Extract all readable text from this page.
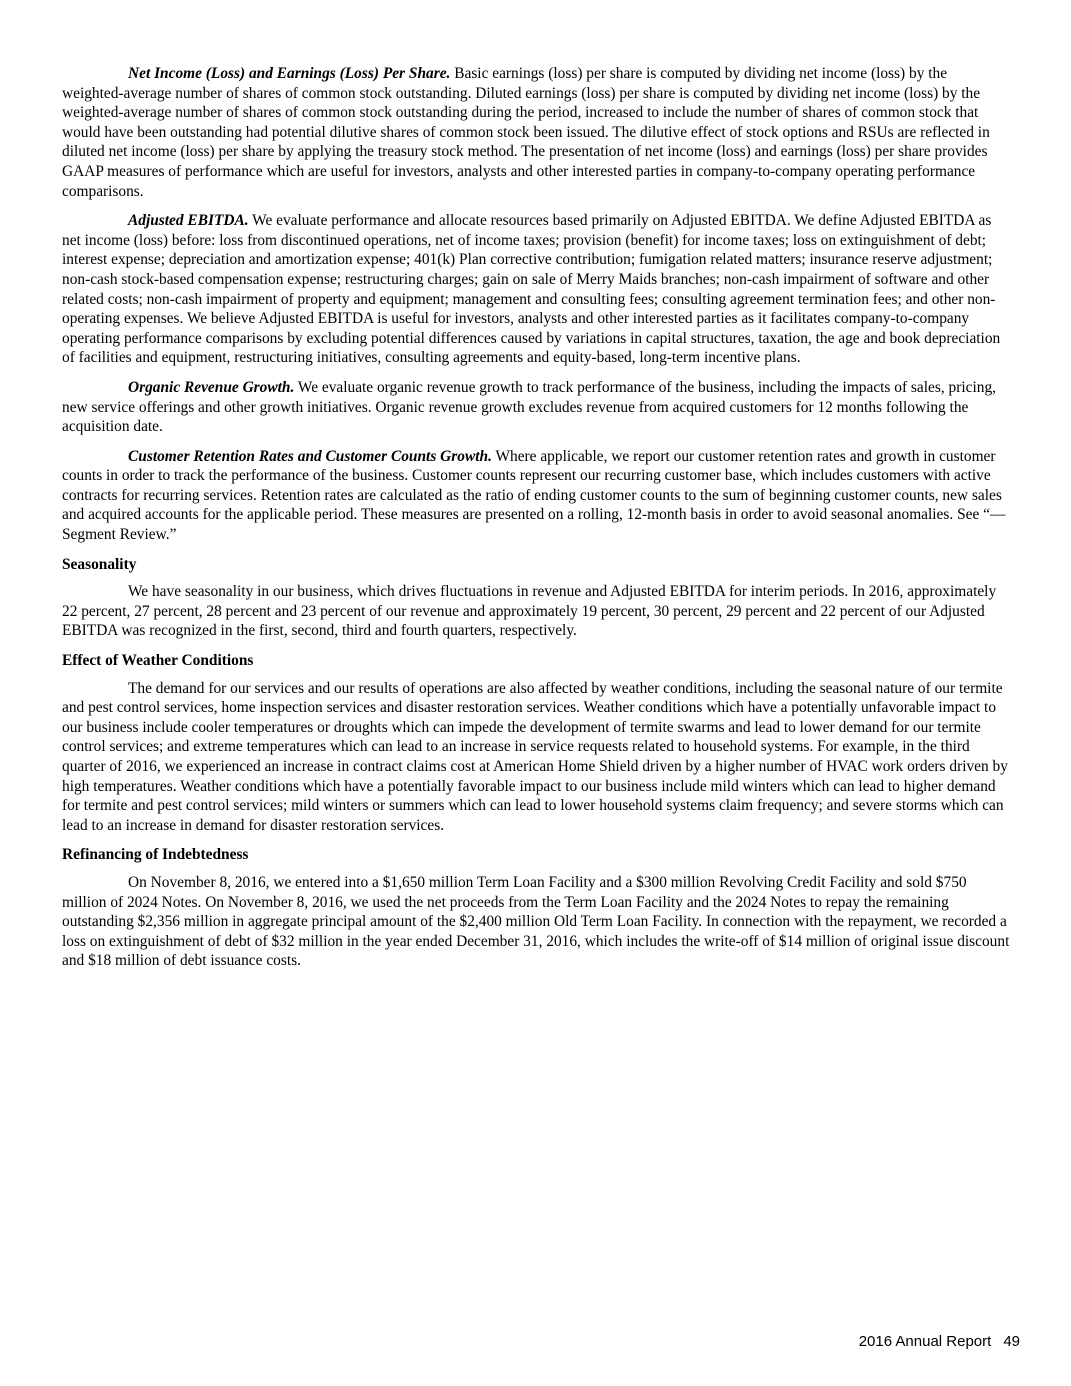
Net Income (Loss) and Earnings (Loss) Per Share. Basic earnings (loss) per share is computed by dividing net income (loss) by the weighted-average number of shares of common stock outstanding. Diluted earnings (loss) per share is computed by dividing net income (loss) by the weighted-average number of shares of common stock outstanding during the period, increased to include the number of shares of common stock that would have been outstanding had potential dilutive shares of common stock been issued. The dilutive effect of stock options and RSUs are reflected in diluted net income (loss) per share by applying the treasury stock method. The presentation of net income (loss) and earnings (loss) per share provides GAAP measures of performance which are useful for investors, analysts and other interested parties in company-to-company operating performance comparisons.

Adjusted EBITDA. We evaluate performance and allocate resources based primarily on Adjusted EBITDA. We define Adjusted EBITDA as net income (loss) before: loss from discontinued operations, net of income taxes; provision (benefit) for income taxes; loss on extinguishment of debt; interest expense; depreciation and amortization expense; 401(k) Plan corrective contribution; fumigation related matters; insurance reserve adjustment; non-cash stock-based compensation expense; restructuring charges; gain on sale of Merry Maids branches; non-cash impairment of software and other related costs; non-cash impairment of property and equipment; management and consulting fees; consulting agreement termination fees; and other non-operating expenses. We believe Adjusted EBITDA is useful for investors, analysts and other interested parties as it facilitates company-to-company operating performance comparisons by excluding potential differences caused by variations in capital structures, taxation, the age and book depreciation of facilities and equipment, restructuring initiatives, consulting agreements and equity-based, long-term incentive plans.

Organic Revenue Growth. We evaluate organic revenue growth to track performance of the business, including the impacts of sales, pricing, new service offerings and other growth initiatives. Organic revenue growth excludes revenue from acquired customers for 12 months following the acquisition date.

Customer Retention Rates and Customer Counts Growth. Where applicable, we report our customer retention rates and growth in customer counts in order to track the performance of the business. Customer counts represent our recurring customer base, which includes customers with active contracts for recurring services. Retention rates are calculated as the ratio of ending customer counts to the sum of beginning customer counts, new sales and acquired accounts for the applicable period. These measures are presented on a rolling, 12-month basis in order to avoid seasonal anomalies. See “—Segment Review.”

Seasonality

We have seasonality in our business, which drives fluctuations in revenue and Adjusted EBITDA for interim periods. In 2016, approximately 22 percent, 27 percent, 28 percent and 23 percent of our revenue and approximately 19 percent, 30 percent, 29 percent and 22 percent of our Adjusted EBITDA was recognized in the first, second, third and fourth quarters, respectively.

Effect of Weather Conditions

The demand for our services and our results of operations are also affected by weather conditions, including the seasonal nature of our termite and pest control services, home inspection services and disaster restoration services. Weather conditions which have a potentially unfavorable impact to our business include cooler temperatures or droughts which can impede the development of termite swarms and lead to lower demand for our termite control services; and extreme temperatures which can lead to an increase in service requests related to household systems. For example, in the third quarter of 2016, we experienced an increase in contract claims cost at American Home Shield driven by a higher number of HVAC work orders driven by high temperatures. Weather conditions which have a potentially favorable impact to our business include mild winters which can lead to higher demand for termite and pest control services; mild winters or summers which can lead to lower household systems claim frequency; and severe storms which can lead to an increase in demand for disaster restoration services.

Refinancing of Indebtedness

On November 8, 2016, we entered into a $1,650 million Term Loan Facility and a $300 million Revolving Credit Facility and sold $750 million of 2024 Notes. On November 8, 2016, we used the net proceeds from the Term Loan Facility and the 2024 Notes to repay the remaining outstanding $2,356 million in aggregate principal amount of the $2,400 million Old Term Loan Facility. In connection with the repayment, we recorded a loss on extinguishment of debt of $32 million in the year ended December 31, 2016, which includes the write-off of $14 million of original issue discount and $18 million of debt issuance costs.

2016 Annual Report 49
